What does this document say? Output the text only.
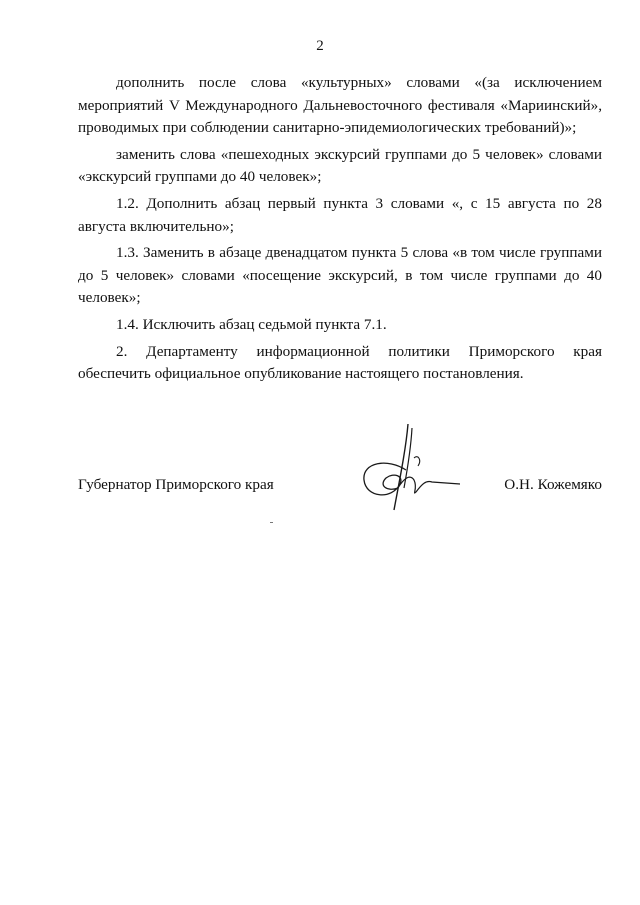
2

дополнить после слова «культурных» словами «(за исключением мероприятий V Международного Дальневосточного фестиваля «Мариинский», проводимых при соблюдении санитарно-эпидемиологических требований)»;

заменить слова «пешеходных экскурсий группами до 5 человек» словами «экскурсий группами до 40 человек»;

1.2. Дополнить абзац первый пункта 3 словами «, с 15 августа по 28 августа включительно»;

1.3. Заменить в абзаце двенадцатом пункта 5 слова «в том числе группами до 5 человек» словами «посещение экскурсий, в том числе группами до 40 человек»;

1.4. Исключить абзац седьмой пункта 7.1.

2. Департаменту информационной политики Приморского края обеспечить официальное опубликование настоящего постановления.

Губернатор Приморского края	О.Н. Кожемяко
